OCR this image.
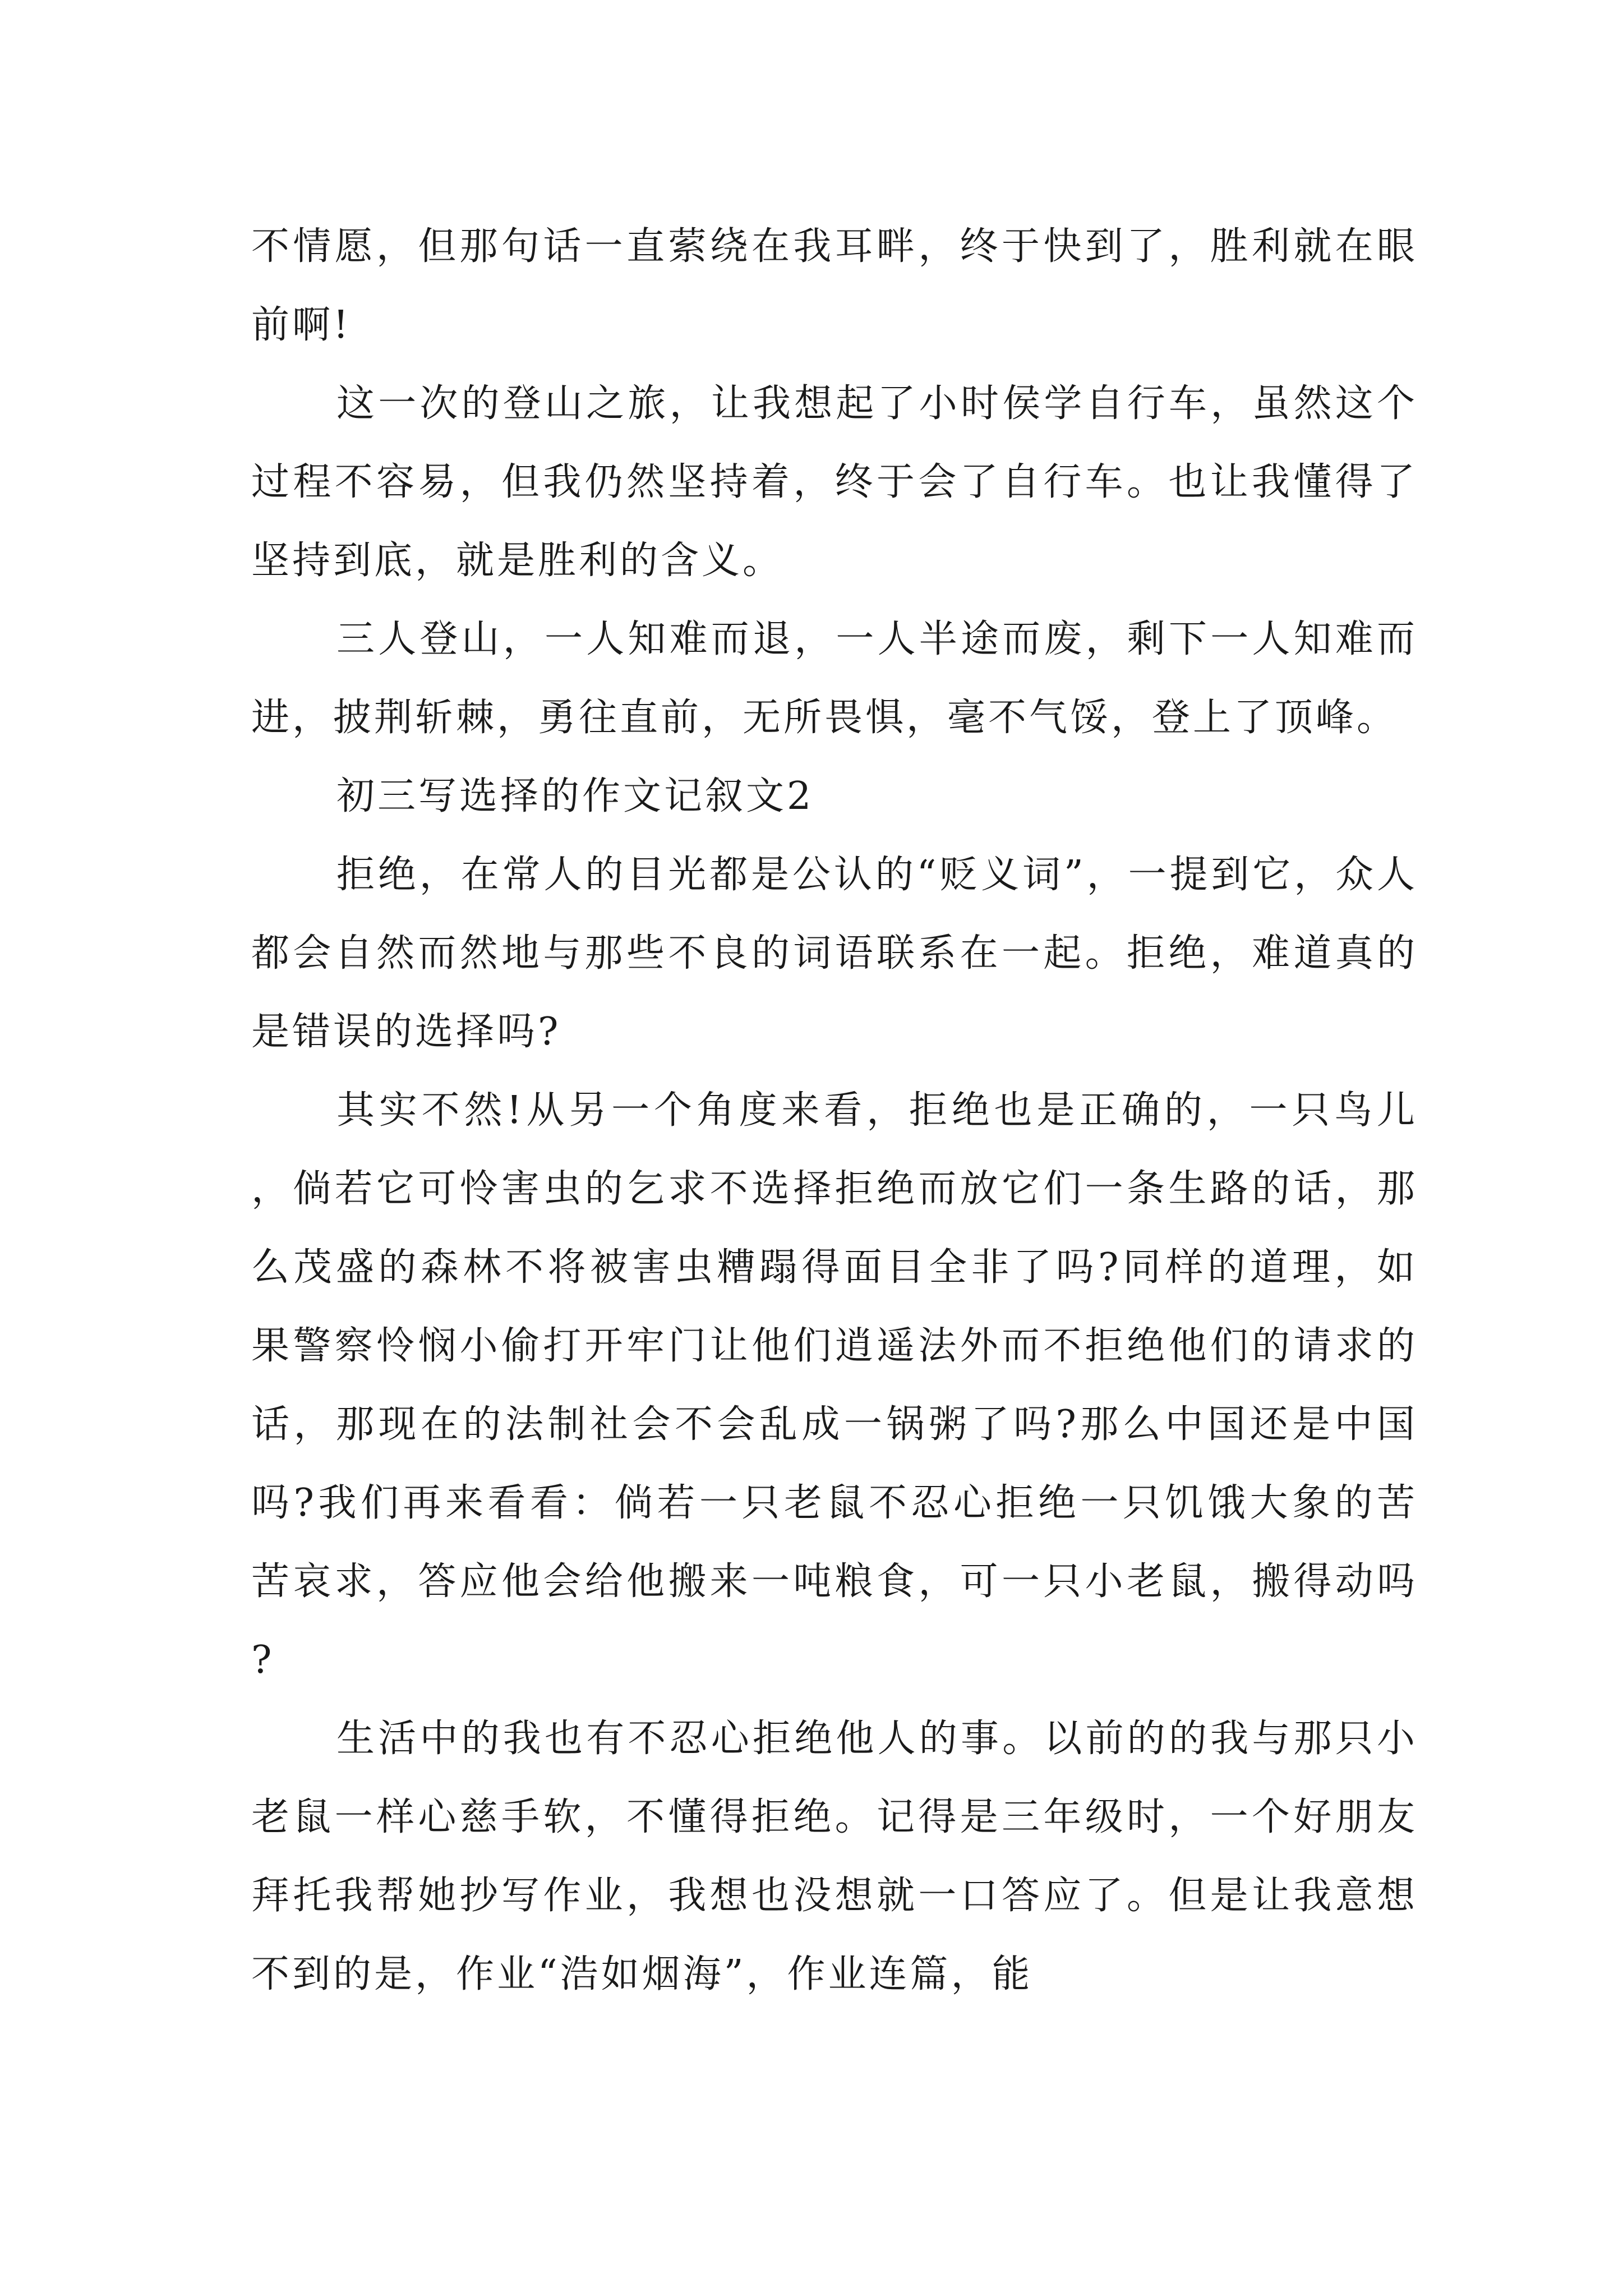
不情愿，但那句话一直萦绕在我耳畔，终于快到了，胜利就在眼前啊!

这一次的登山之旅，让我想起了小时侯学自行车，虽然这个过程不容易，但我仍然坚持着，终于会了自行车。也让我懂得了坚持到底，就是胜利的含义。

三人登山，一人知难而退，一人半途而废，剩下一人知难而进，披荆斩棘，勇往直前，无所畏惧，毫不气馁，登上了顶峰。

初三写选择的作文记叙文2

拒绝，在常人的目光都是公认的“贬义词”，一提到它，众人都会自然而然地与那些不良的词语联系在一起。拒绝，难道真的是错误的选择吗?

其实不然!从另一个角度来看，拒绝也是正确的，一只鸟儿，倘若它可怜害虫的乞求不选择拒绝而放它们一条生路的话，那么茂盛的森林不将被害虫糟蹋得面目全非了吗?同样的道理，如果警察怜悯小偷打开牢门让他们逍遥法外而不拒绝他们的请求的话，那现在的法制社会不会乱成一锅粥了吗?那么中国还是中国吗?我们再来看看：倘若一只老鼠不忍心拒绝一只饥饿大象的苦苦哀求，答应他会给他搬来一吨粮食，可一只小老鼠，搬得动吗?

生活中的我也有不忍心拒绝他人的事。以前的的我与那只小老鼠一样心慈手软，不懂得拒绝。记得是三年级时，一个好朋友拜托我帮她抄写作业，我想也没想就一口答应了。但是让我意想不到的是，作业“浩如烟海”，作业连篇，能
